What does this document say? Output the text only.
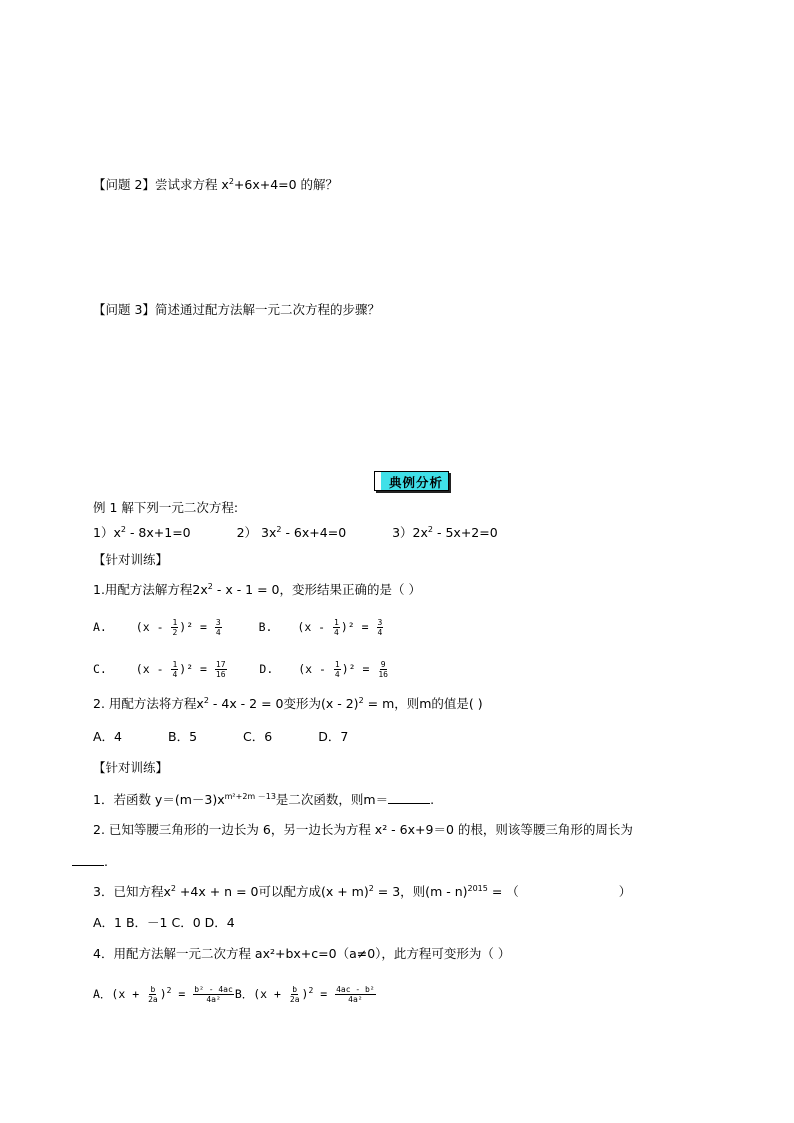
【问题 2】尝试求方程 $x^2+6x+4=0$ 的解？
【问题 3】简述通过配方法解一元二次方程的步骤？
典例分析
例 1 解下列一元二次方程:
$1)x^2 - 8x+1=0$	2） $3x^2 - 6x+4=0$	$3)2x^2 - 5x+2=0$
【针对训练】
1.用配方法解方程$2x^2 - x - 1 = 0$，变形结果正确的是（ ）
A.	$(x - \frac{1}{2} )^2 = \frac{3}{4}$	B. $(x - \frac{1}{4} )^2 = \frac{3}{4}$
C.	$(x - \frac{1}{4} )^2 = \frac{17}{16}$	D. $(x - \frac{1}{4} )^2 = \frac{9}{16}$
2. 用配方法将方程$x^2 - 4x - 2 = 0$变形为(x - 2)$^2$ = m，则m的值是( )
A．4	B．5	C．6	D．7
【针对训练】
1．若函数 $y=(m-3)x^{m^2+2m -13}$是二次函数，则m＝	.
2. 已知等腰三角形的一边长为 6，另一边长为方程 x² - 6x+9＝0 的根，则该等腰三角形的周长为
.
3．已知方程$x^2 +4x + n = 0$可以配方成$(x + m)^2 = 3$，则(m - n)$^{2015}$ = （	）
A．1 B．－1 C．0 D．4
4．用配方法解一元二次方程 ax²+bx+c=0（a≠0），此方程可变形为（ ）
A．$(x + \frac{b}{2a} )^2 = \frac{\text{b² - 4ac}}{\text{4a²}}$ B．$(x + \frac{b}{2a} )^2 = \frac{\text{4ac - b²}}{\text{4a²}}$
